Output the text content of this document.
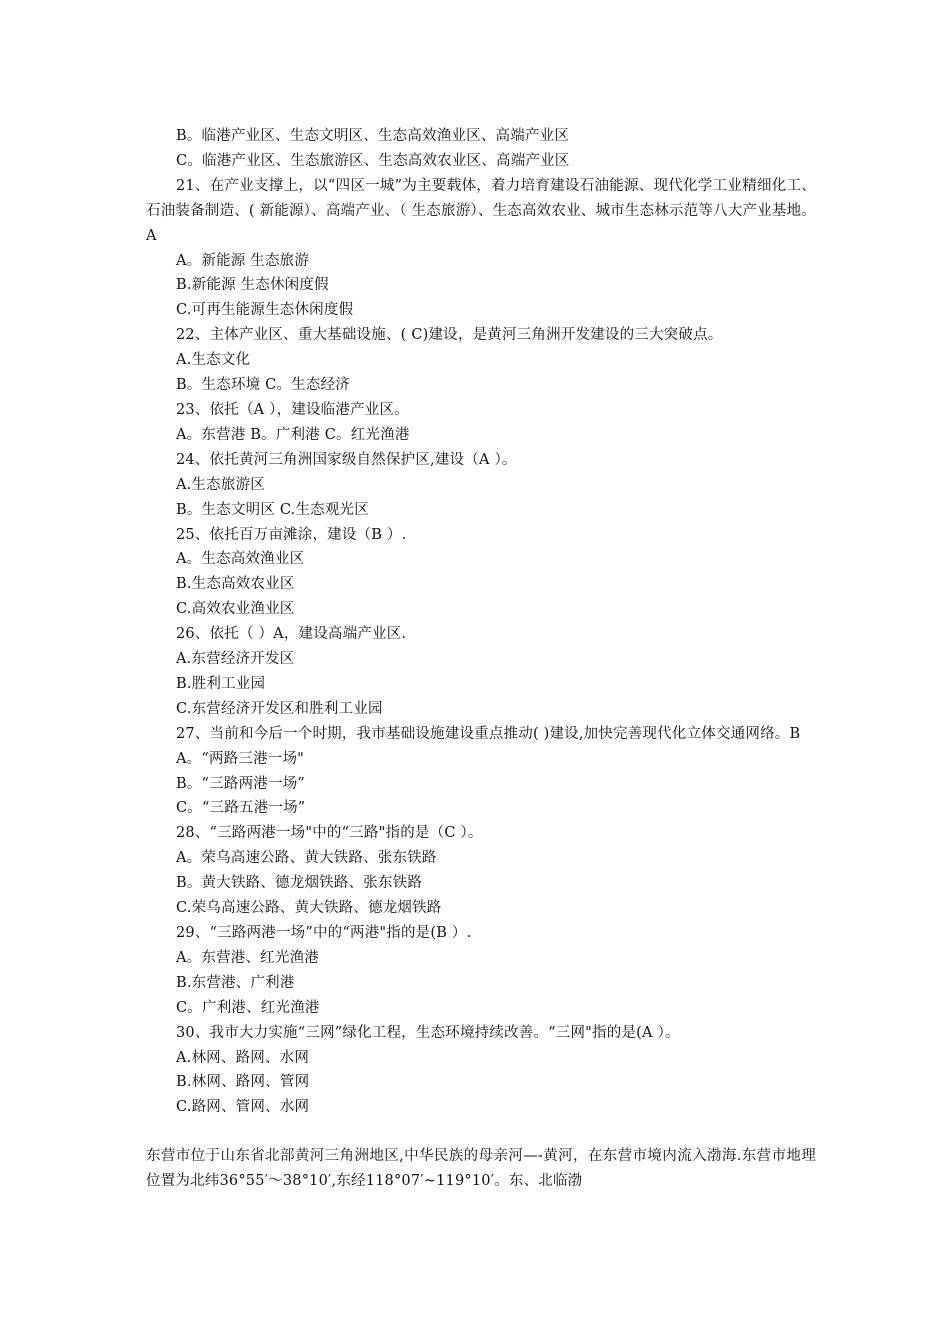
B。临港产业区、生态文明区、生态高效渔业区、高端产业区
C。临港产业区、生态旅游区、生态高效农业区、高端产业区
21、在产业支撑上，以“四区一城”为主要载体，着力培育建设石油能源、现代化学工业精细化工、石油装备制造、( 新能源）、高端产业、（ 生态旅游）、生态高效农业、城市生态林示范等八大产业基地。A
A。新能源 生态旅游
B.新能源 生态休闲度假
C.可再生能源生态休闲度假
22、主体产业区、重大基础设施、( C)建设，是黄河三角洲开发建设的三大突破点。
A.生态文化
B。生态环境 C。生态经济
23、依托（A ），建设临港产业区。
A。东营港 B。广利港 C。红光渔港
24、依托黄河三角洲国家级自然保护区,建设（A ）。
A.生态旅游区
B。生态文明区 C.生态观光区
25、依托百万亩滩涂，建设（B ）.
A。生态高效渔业区
B.生态高效农业区
C.高效农业渔业区
26、依托（ ）A，建设高端产业区.
A.东营经济开发区
B.胜利工业园
C.东营经济开发区和胜利工业园
27、当前和今后一个时期，我市基础设施建设重点推动( )建设,加快完善现代化立体交通网络。B
A。“两路三港一场"
B。“三路两港一场”
C。“三路五港一场”
28、“三路两港一场"中的“三路"指的是（C ）。
A。荣乌高速公路、黄大铁路、张东铁路
B。黄大铁路、德龙烟铁路、张东铁路
C.荣乌高速公路、黄大铁路、德龙烟铁路
29、“三路两港一场”中的“两港"指的是(B ）.
A。东营港、红光渔港
B.东营港、广利港
C。广利港、红光渔港
30、我市大力实施“三网”绿化工程，生态环境持续改善。“三网"指的是(A ）。
A.林网、路网、水网
B.林网、路网、管网
C.路网、管网、水网
东营市位于山东省北部黄河三角洲地区,中华民族的母亲河—-黄河，在东营市境内流入渤海.东营市地理位置为北纬36°55′～38°10′,东经118°07′~119°10′。东、北临渤
